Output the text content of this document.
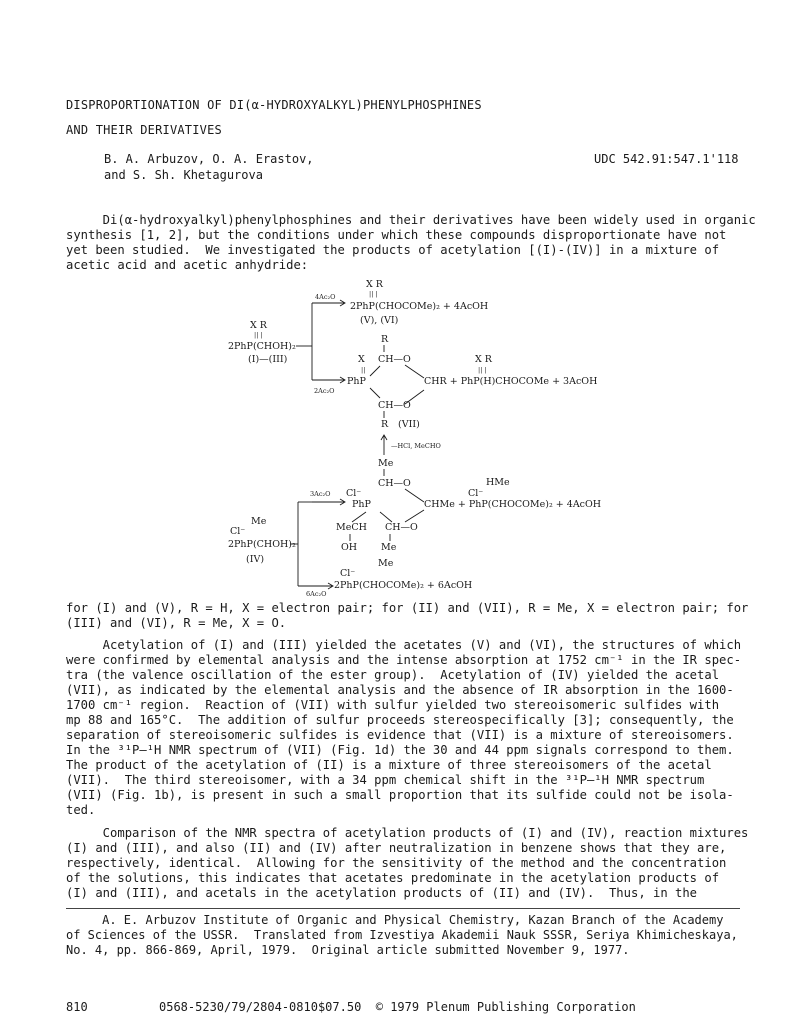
DISPROPORTIONATION OF DI(α-HYDROXYALKYL)PHENYLPHOSPHINES
AND THEIR DERIVATIVES
B. A. Arbuzov, O. A. Erastov,
and S. Sh. Khetagurova
UDC 542.91:547.1'118
Di(α-hydroxyalkyl)phenylphosphines and their derivatives have been widely used in organic
synthesis [1, 2], but the conditions under which these compounds disproportionate have not
yet been studied.  We investigated the products of acetylation [(I)-(IV)] in a mixture of
acetic acid and acetic anhydride:
X R
|| |
4Ac₂O
2PhP(CHOCOMe)₂ + 4AcOH
(V), (VI)
X R
|| |
2PhP(CHOH)₂
(I)—(III)
R
X CH—O
||
X R
|| |
PhP	CHR + PhP(H)CHOCOMe + 3AcOH
2Ac₂O
CH—O
R (VII)
—HCl, MeCHO
Me
CH—O	HMe
3Ac₂O Cl⁻	Cl⁻
PhP	CHMe + PhP(CHOCOMe)₂ + 4AcOH
MeCH CH—O
OH	Me
Me
Me
Cl⁻
2PhP(CHOH)₂
(IV)
Cl⁻
2PhP(CHOCOMe)₂ + 6AcOH
6Ac₂O
for (I) and (V), R = H, X = electron pair; for (II) and (VII), R = Me, X = electron pair; for
(III) and (VI), R = Me, X = O.
Acetylation of (I) and (III) yielded the acetates (V) and (VI), the structures of which
were confirmed by elemental analysis and the intense absorption at 1752 cm⁻¹ in the IR spec-
tra (the valence oscillation of the ester group).  Acetylation of (IV) yielded the acetal
(VII), as indicated by the elemental analysis and the absence of IR absorption in the 1600-
1700 cm⁻¹ region.  Reaction of (VII) with sulfur yielded two stereoisomeric sulfides with
mp 88 and 165°C.  The addition of sulfur proceeds stereospecifically [3]; consequently, the
separation of stereoisomeric sulfides is evidence that (VII) is a mixture of stereoisomers.
In the ³¹P—¹H NMR spectrum of (VII) (Fig. 1d) the 30 and 44 ppm signals correspond to them.
The product of the acetylation of (II) is a mixture of three stereoisomers of the acetal
(VII).  The third stereoisomer, with a 34 ppm chemical shift in the ³¹P—¹H NMR spectrum
(VII) (Fig. 1b), is present in such a small proportion that its sulfide could not be isola-
ted.
Comparison of the NMR spectra of acetylation products of (I) and (IV), reaction mixtures
(I) and (III), and also (II) and (IV) after neutralization in benzene shows that they are,
respectively, identical.  Allowing for the sensitivity of the method and the concentration
of the solutions, this indicates that acetates predominate in the acetylation products of
(I) and (III), and acetals in the acetylation products of (II) and (IV).  Thus, in the
A. E. Arbuzov Institute of Organic and Physical Chemistry, Kazan Branch of the Academy
of Sciences of the USSR.  Translated from Izvestiya Akademii Nauk SSSR, Seriya Khimicheskaya,
No. 4, pp. 866-869, April, 1979.  Original article submitted November 9, 1977.
810	0568-5230/79/2804-0810$07.50  © 1979 Plenum Publishing Corporation
